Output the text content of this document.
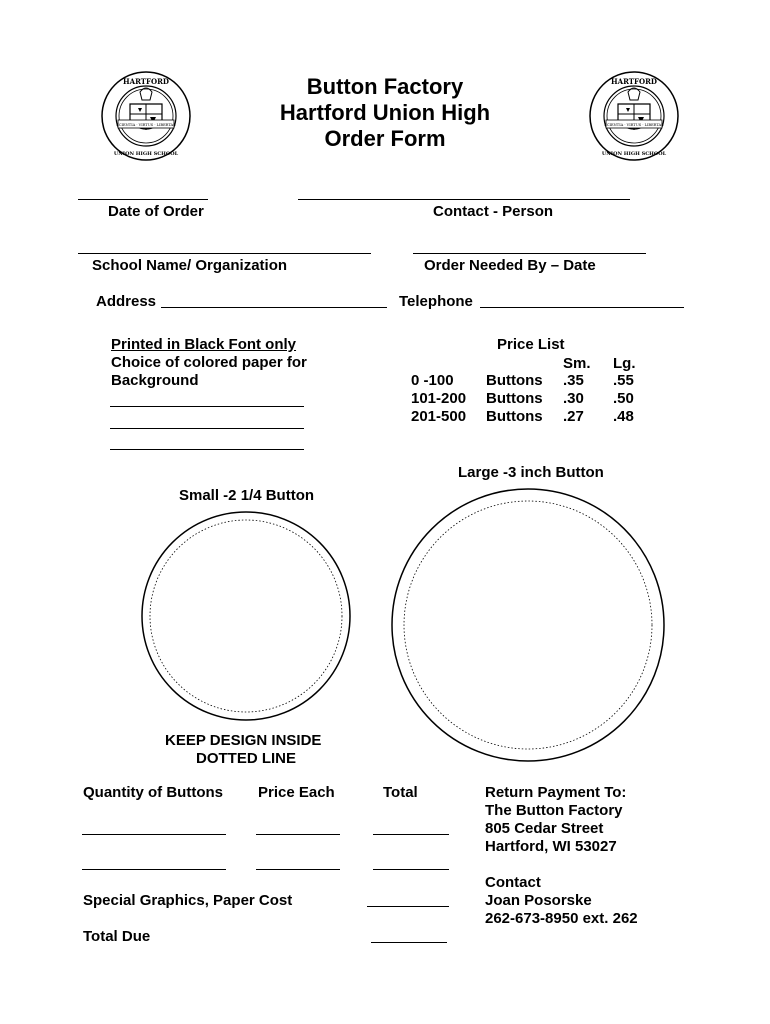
HARTFORD
UNION HIGH SCHOOL
SCIENTIA · VIRTUS · LIBERTAS
HARTFORD
UNION HIGH SCHOOL
SCIENTIA · VIRTUS · LIBERTAS
Button Factory
Hartford Union High
Order Form
Date of Order	Contact - Person
School Name/ Organization	Order Needed By – Date
Address	Telephone
Printed in Black Font only
Choice of colored paper for
Background
Price List
Sm. Lg.
0 -100 Buttons .35 .55
101-200 Buttons .30 .50
201-500 Buttons .27 .48
Large -3 inch Button
Small -2 1/4 Button
KEEP DESIGN INSIDE
DOTTED LINE
Quantity of Buttons Price Each	Total
Special Graphics, Paper Cost
Total Due
Return Payment To:
The Button Factory
805 Cedar Street
Hartford, WI 53027
Contact
Joan Posorske
262-673-8950 ext. 262
